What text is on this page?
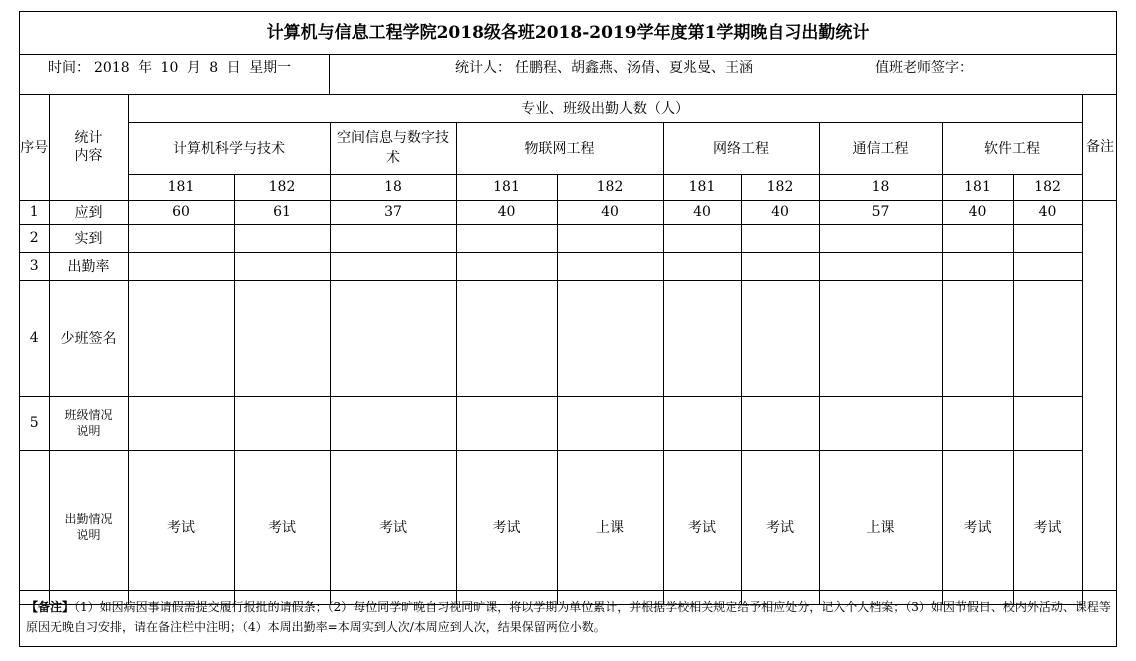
计算机与信息工程学院2018级各班2018-2019学年度第1学期晚自习出勤统计
时间： 2018 年 10 月 8 日 星期一	统计人： 任鹏程、胡鑫燕、汤倩、夏兆曼、王涵	值班老师签字：
序号	统计内容	专业、班级出勤人数（人）									
		计算机科学与技术		空间信息与数字技术	物联网工程		网络工程		通信工程	软件工程	
		181	182	18	181	182	181	182	18	181	182
1	应到	60	61	37	40	40	40	40	57	40	40
2	实到										
3	出勤率										
4	少班签名										
5	班级情况说明										
	出勤情况说明	考试	考试	考试	考试	上课	考试	考试	上课	考试	考试
备注
【备注】（1）如因病因事请假需提交履行报批的请假条；（2）每位同学旷晚自习视同旷课，将以学期为单位累计，并根据学校相关规定给予相应处分，记入个人档案；（3）如因节假日、校内外活动、课程等原因无晚自习安排，请在备注栏中注明；（4）本周出勤率=本周实到人次/本周应到人次，结果保留两位小数。
